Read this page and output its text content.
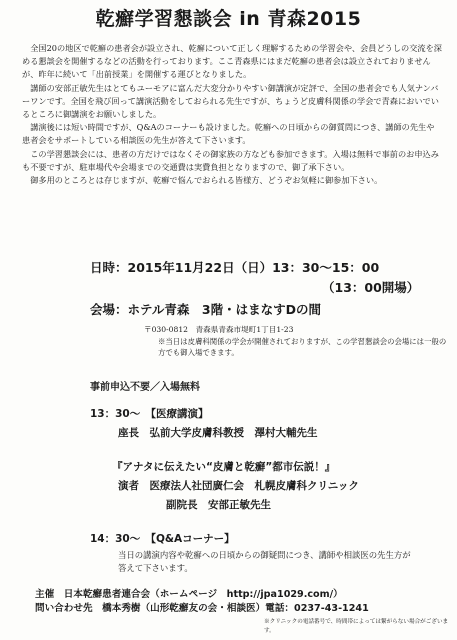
乾癬学習懇談会 in 青森2015

全国20の地区で乾癬の患者会が設立され、乾癬について正しく理解するための学習会や、会員どうしの交流を深める懇談会を開催するなどの活動を行っております。ここ青森県にはまだ乾癬の患者会は設立されておりませんが、昨年に続いて「出前授業」を開催する運びとなりました。

講師の安部正敏先生はとてもユーモアに富んだ大変分かりやすい御講演が定評で、全国の患者会でも人気ナンバーワンです。全国を飛び回って講演活動をしておられる先生ですが、ちょうど皮膚科関係の学会で青森においでいるところに御講演をお願いしました。

講演後には短い時間ですが、Q&Aのコーナーも設けました。乾癬への日頃からの御質問につき、講師の先生や患者会をサポートしている相談医の先生が答えて下さいます。

この学習懇談会には、患者の方だけではなくその御家族の方なども参加できます。入場は無料で事前のお申込みも不要ですが、駐車場代や会場までの交通費は実費負担となりますので、御了承下さい。

御多用のところとは存じますが、乾癬で悩んでおられる皆様方、どうぞお気軽に御参加下さい。

日時：2015年11月22日（日）13：30～15：00
（13：00開場）
会場：ホテル青森　3階・はまなすDの間
〒030-0812　青森県青森市堤町1丁目1-23
※当日は皮膚科関係の学会が開催されておりますが、この学習懇談会の会場には一般の方でも御入場できます。
事前申込不要／入場無料
13：30～　【医療講演】
座長　弘前大学皮膚科教授　澤村大輔先生
『アナタに伝えたい“皮膚と乾癬”都市伝説！』
演者　医療法人社団廣仁会　札幌皮膚科クリニック
副院長　安部正敏先生
14：30～　【Q&Aコーナー】
当日の講演内容や乾癬への日頃からの御疑問につき、講師や相談医の先生方が答えて下さいます。
主催　日本乾癬患者連合会（ホームページ　http://jpa1029.com/）
問い合わせ先　橋本秀樹（山形乾癬友の会・相談医）電話：0237-43-1241
※クリニックの電話番号で、時間帯によっては繋がらない場合がございます。
